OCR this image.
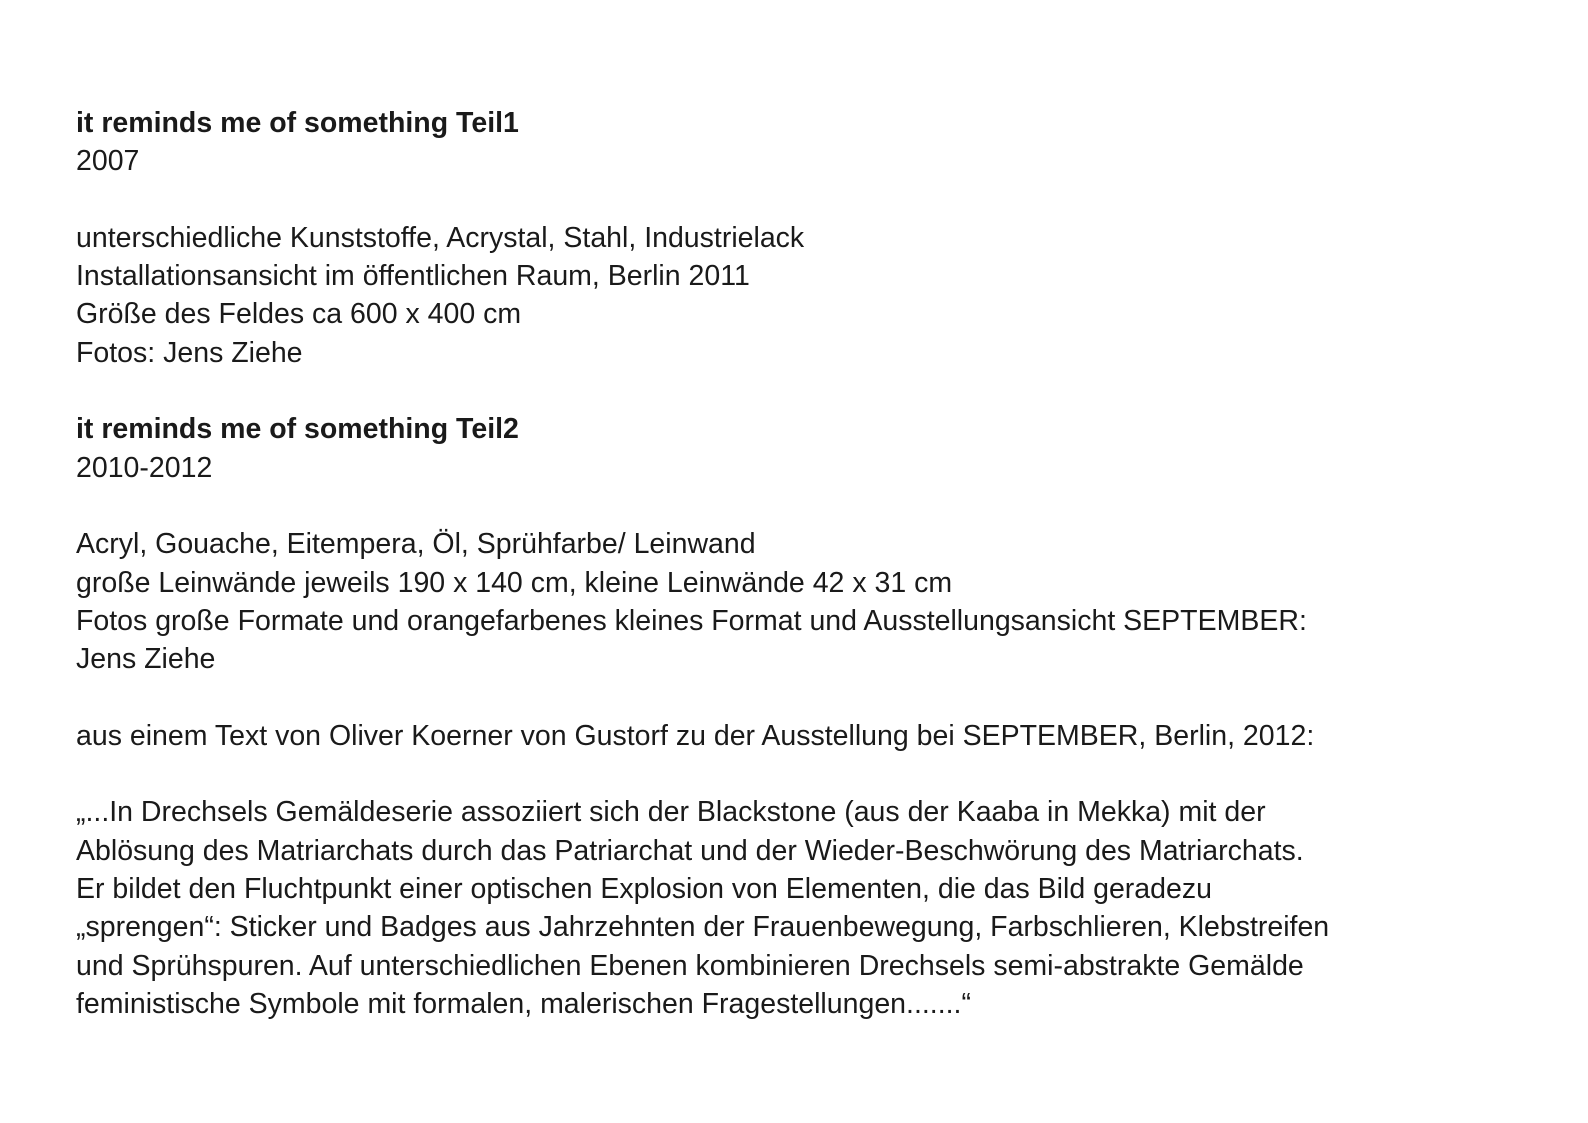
it reminds me of something Teil1
2007
unterschiedliche Kunststoffe, Acrystal, Stahl, Industrielack
Installationsansicht im öffentlichen Raum, Berlin 2011
Größe des Feldes ca 600 x 400 cm
Fotos: Jens Ziehe
it reminds me of something Teil2
2010-2012
Acryl, Gouache, Eitempera, Öl, Sprühfarbe/ Leinwand
große Leinwände jeweils 190 x 140 cm, kleine Leinwände 42 x 31 cm
Fotos große Formate und orangefarbenes kleines Format und Ausstellungsansicht SEPTEMBER:
Jens Ziehe
aus einem Text von Oliver Koerner von Gustorf zu der Ausstellung bei SEPTEMBER, Berlin, 2012:
„...In Drechsels Gemäldeserie assoziiert sich der Blackstone (aus der Kaaba in Mekka) mit der
Ablösung des Matriarchats durch das Patriarchat und der Wieder-Beschwörung des Matriarchats.
Er bildet den Fluchtpunkt einer optischen Explosion von Elementen, die das Bild geradezu
„sprengen“: Sticker und Badges aus Jahrzehnten der Frauenbewegung, Farbschlieren, Klebstreifen
und Sprühspuren. Auf unterschiedlichen Ebenen kombinieren Drechsels semi-abstrakte Gemälde
feministische Symbole mit formalen, malerischen Fragestellungen.......“
